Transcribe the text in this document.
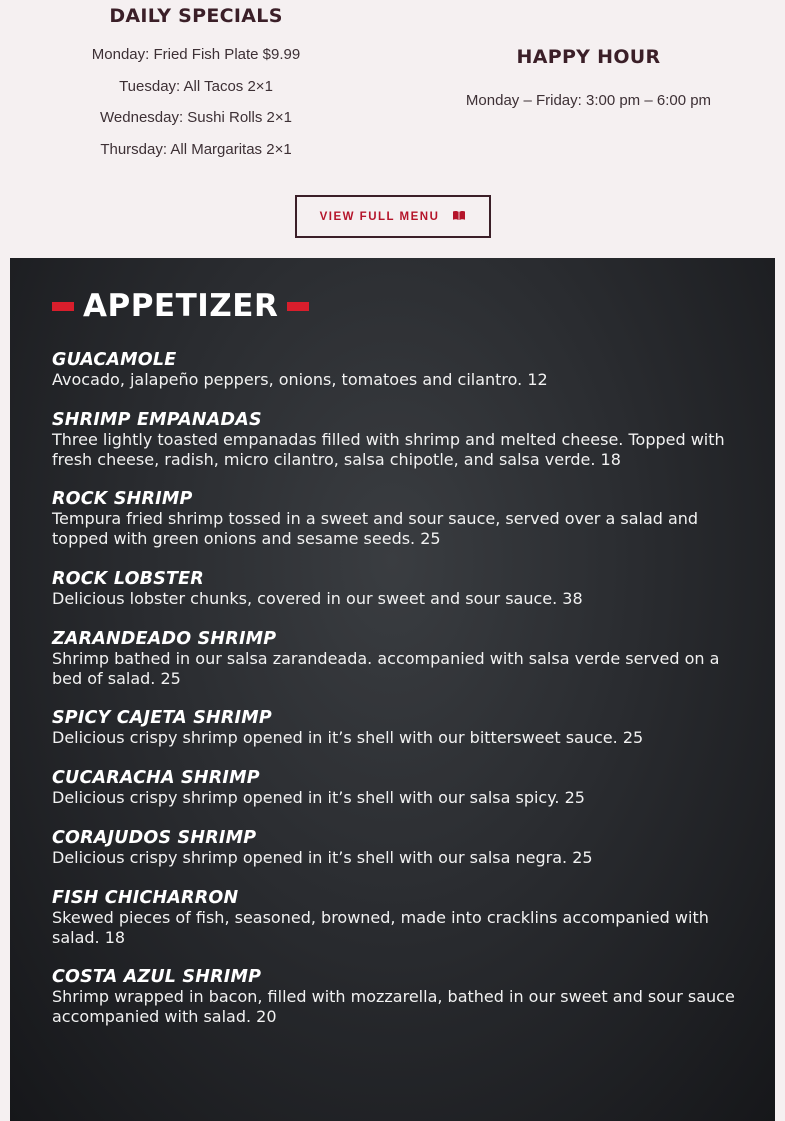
DAILY SPECIALS
Monday: Fried Fish Plate $9.99
Tuesday: All Tacos 2×1
Wednesday: Sushi Rolls 2×1
Thursday: All Margaritas 2×1
HAPPY HOUR
Monday – Friday: 3:00 pm – 6:00 pm
VIEW FULL MENU
APPETIZER
GUACAMOLE
Avocado, jalapeño peppers, onions, tomatoes and cilantro. 12
SHRIMP EMPANADAS
Three lightly toasted empanadas filled with shrimp and melted cheese. Topped with fresh cheese, radish, micro cilantro, salsa chipotle, and salsa verde. 18
ROCK SHRIMP
Tempura fried shrimp tossed in a sweet and sour sauce, served over a salad and topped with green onions and sesame seeds. 25
ROCK LOBSTER
Delicious lobster chunks, covered in our sweet and sour sauce. 38
ZARANDEADO SHRIMP
Shrimp bathed in our salsa zarandeada. accompanied with salsa verde served on a bed of salad. 25
SPICY CAJETA SHRIMP
Delicious crispy shrimp opened in it’s shell with our bittersweet sauce. 25
CUCARACHA SHRIMP
Delicious crispy shrimp opened in it’s shell with our salsa spicy. 25
CORAJUDOS SHRIMP
Delicious crispy shrimp opened in it’s shell with our salsa negra. 25
FISH CHICHARRON
Skewed pieces of fish, seasoned, browned, made into cracklins accompanied with salad. 18
COSTA AZUL SHRIMP
Shrimp wrapped in bacon, filled with mozzarella, bathed in our sweet and sour sauce accompanied with salad. 20
